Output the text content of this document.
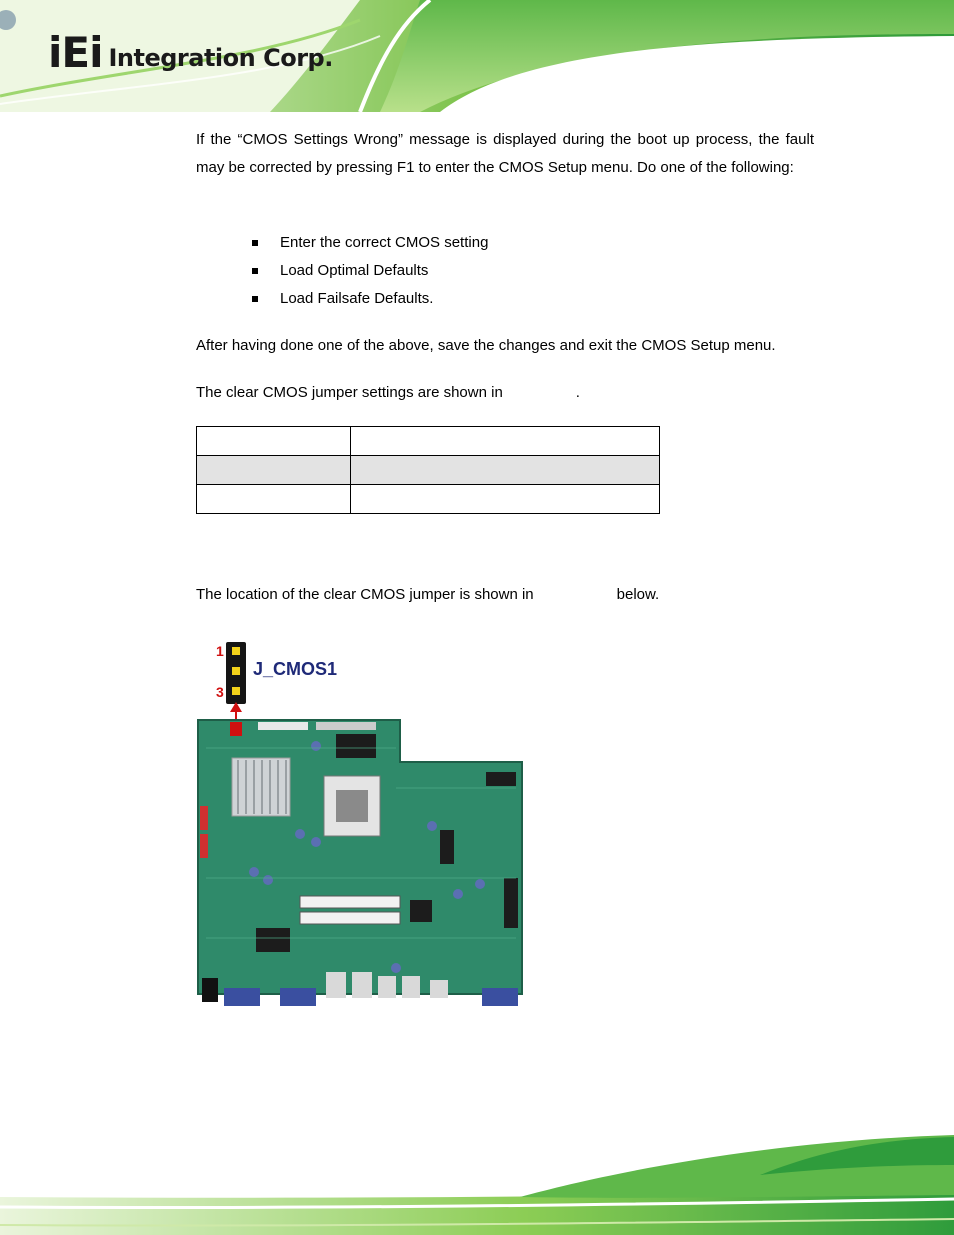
iEi Integration Corp.

If the “CMOS Settings Wrong” message is displayed during the boot up process, the fault may be corrected by pressing F1 to enter the CMOS Setup menu. Do one of the following:

Enter the correct CMOS setting
Load Optimal Defaults
Load Failsafe Defaults.
After having done one of the above, save the changes and exit the CMOS Setup menu.
The clear CMOS jumper settings are shown in	.

The location of the clear CMOS jumper is shown in	below.
1
3
J_CMOS1
